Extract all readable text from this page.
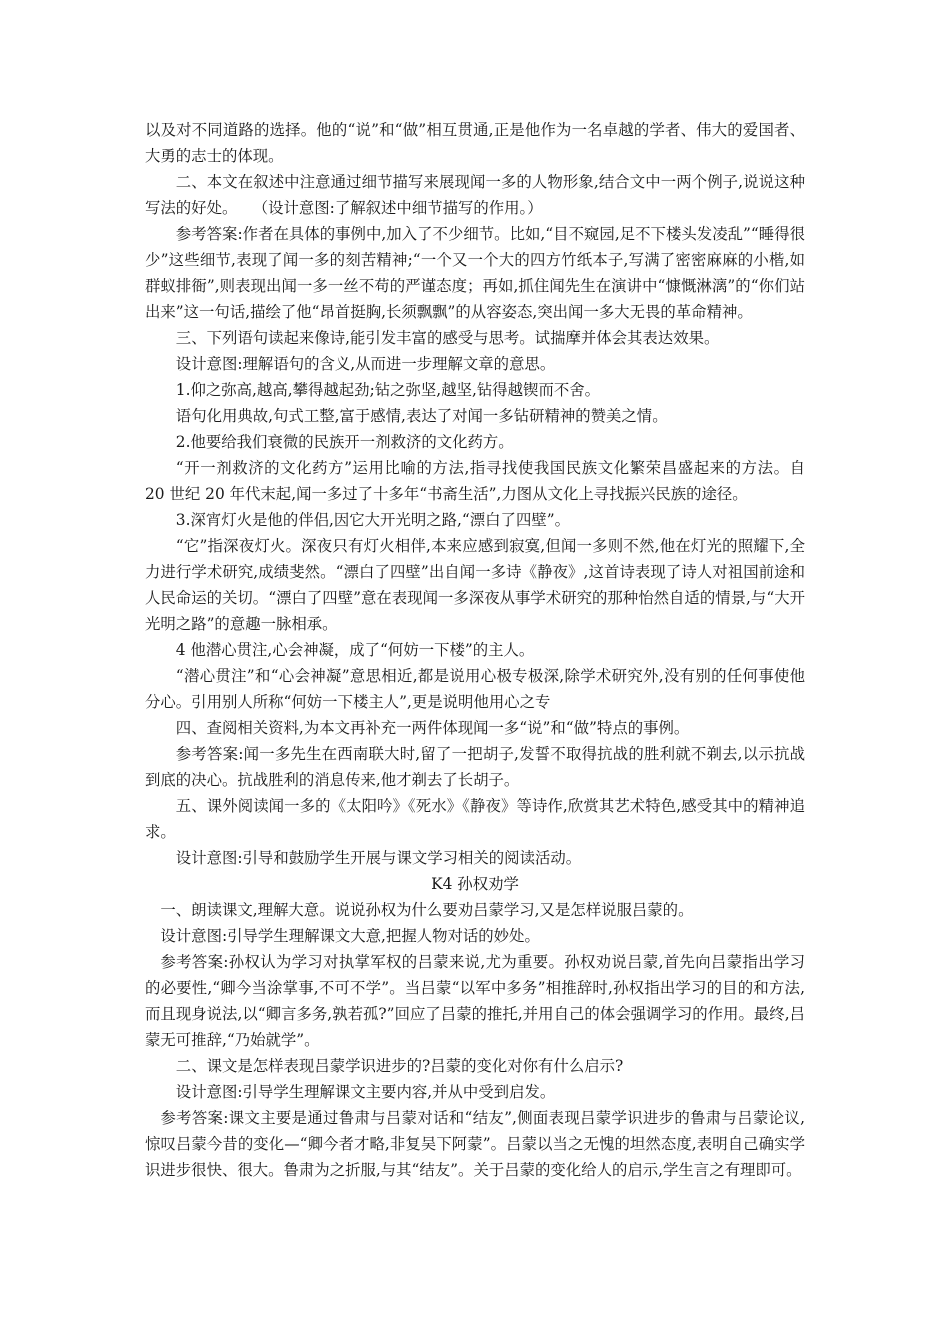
以及对不同道路的选择。他的“说”和“做”相互贯通,正是他作为一名卓越的学者、伟大的爱国者、大勇的志士的体现。

二、本文在叙述中注意通过细节描写来展现闻一多的人物形象,结合文中一两个例子,说说这种写法的好处。　　（设计意图:了解叙述中细节描写的作用。）

参考答案:作者在具体的事例中,加入了不少细节。比如,“目不窥园,足不下楼头发凌乱”“睡得很少”这些细节,表现了闻一多的刻苦精神;“一个又一个大的四方竹纸本子,写满了密密麻麻的小楷,如群蚁排衙”,则表现出闻一多一丝不苟的严谨态度；再如,抓住闻先生在演讲中“慷慨淋漓”的“你们站出来”这一句话,描绘了他“昂首挺胸,长须飘飘”的从容姿态,突出闻一多大无畏的革命精神。

三、下列语句读起来像诗,能引发丰富的感受与思考。试揣摩并体会其表达效果。

设计意图:理解语句的含义,从而进一步理解文章的意思。

1.仰之弥高,越高,攀得越起劲;钻之弥坚,越坚,钻得越锲而不舍。

语句化用典故,句式工整,富于感情,表达了对闻一多钻研精神的赞美之情。

2.他要给我们衰微的民族开一剂救济的文化药方。

“开一剂救济的文化药方”运用比喻的方法,指寻找使我国民族文化繁荣昌盛起来的方法。自 20 世纪 20 年代末起,闻一多过了十多年“书斋生活”,力图从文化上寻找振兴民族的途径。

3.深宵灯火是他的伴侣,因它大开光明之路,“漂白了四壁”。

“它”指深夜灯火。深夜只有灯火相伴,本来应感到寂寞,但闻一多则不然,他在灯光的照耀下,全力进行学术研究,成绩斐然。“漂白了四壁”出自闻一多诗《静夜》,这首诗表现了诗人对祖国前途和人民命运的关切。“漂白了四壁”意在表现闻一多深夜从事学术研究的那种怡然自适的情景,与“大开光明之路”的意趣一脉相承。

4 他潜心贯注,心会神凝，成了“何妨一下楼”的主人。

“潜心贯注”和“心会神凝”意思相近,都是说用心极专极深,除学术研究外,没有别的任何事使他分心。引用别人所称“何妨一下楼主人”,更是说明他用心之专

四、查阅相关资料,为本文再补充一两件体现闻一多“说”和“做”特点的事例。

参考答案:闻一多先生在西南联大时,留了一把胡子,发誓不取得抗战的胜利就不剃去,以示抗战到底的决心。抗战胜利的消息传来,他才剃去了长胡子。

五、课外阅读闻一多的《太阳吟》《死水》《静夜》等诗作,欣赏其艺术特色,感受其中的精神追求。

设计意图:引导和鼓励学生开展与课文学习相关的阅读活动。

K4 孙权劝学

一、朗读课文,理解大意。说说孙权为什么要劝吕蒙学习,又是怎样说服吕蒙的。

设计意图:引导学生理解课文大意,把握人物对话的妙处。

参考答案:孙权认为学习对执掌军权的吕蒙来说,尤为重要。孙权劝说吕蒙,首先向吕蒙指出学习的必要性,“卿今当涂掌事,不可不学”。当吕蒙“以军中多务”相推辞时,孙权指出学习的目的和方法,而且现身说法,以“卿言多务,孰若孤?”回应了吕蒙的推托,并用自己的体会强调学习的作用。最终,吕蒙无可推辞,“乃始就学”。

二、课文是怎样表现吕蒙学识进步的?吕蒙的变化对你有什么启示?

设计意图:引导学生理解课文主要内容,并从中受到启发。

参考答案:课文主要是通过鲁肃与吕蒙对话和“结友”,侧面表现吕蒙学识进步的鲁肃与吕蒙论议,惊叹吕蒙今昔的变化—“卿今者才略,非复吴下阿蒙”。吕蒙以当之无愧的坦然态度,表明自己确实学识进步很快、很大。鲁肃为之折服,与其“结友”。关于吕蒙的变化给人的启示,学生言之有理即可。
